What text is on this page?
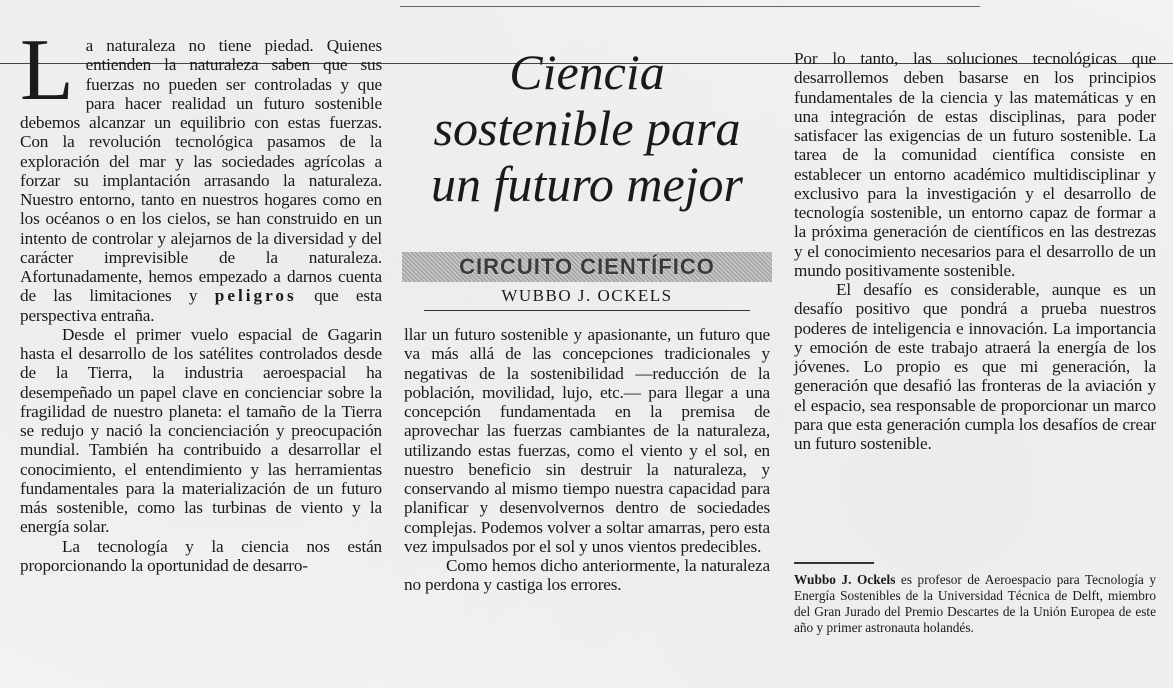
La naturaleza no tiene piedad. Quienes entienden la naturaleza saben que sus fuerzas no pueden ser controladas y que para hacer realidad un futuro sostenible debemos alcanzar un equilibrio con estas fuerzas. Con la revolución tecnológica pasamos de la exploración del mar y las sociedades agrícolas a forzar su implantación arrasando la naturaleza. Nuestro entorno, tanto en nuestros hogares como en los océanos o en los cielos, se han construido en un intento de controlar y alejarnos de la diversidad y del carácter imprevisible de la naturaleza. Afortunadamente, hemos empezado a darnos cuenta de las limitaciones y peligros que esta perspectiva entraña.

Desde el primer vuelo espacial de Gagarin hasta el desarrollo de los satélites controlados desde de la Tierra, la industria aeroespacial ha desempeñado un papel clave en concienciar sobre la fragilidad de nuestro planeta: el tamaño de la Tierra se redujo y nació la concienciación y preocupación mundial. También ha contribuido a desarrollar el conocimiento, el entendimiento y las herramientas fundamentales para la materialización de un futuro más sostenible, como las turbinas de viento y la energía solar.

La tecnología y la ciencia nos están proporcionando la oportunidad de desarro-

Ciencia
sostenible para
un futuro mejor
CIRCUITO CIENTÍFICO
WUBBO J. OCKELS

llar un futuro sostenible y apasionante, un futuro que va más allá de las concepciones tradicionales y negativas de la sostenibilidad —reducción de la población, movilidad, lujo, etc.— para llegar a una concepción fundamentada en la premisa de aprovechar las fuerzas cambiantes de la naturaleza, utilizando estas fuerzas, como el viento y el sol, en nuestro beneficio sin destruir la naturaleza, y conservando al mismo tiempo nuestra capacidad para planificar y desenvolvernos dentro de sociedades complejas. Podemos volver a soltar amarras, pero esta vez impulsados por el sol y unos vientos predecibles.

Como hemos dicho anteriormente, la naturaleza no perdona y castiga los errores.

Por lo tanto, las soluciones tecnológicas que desarrollemos deben basarse en los principios fundamentales de la ciencia y las matemáticas y en una integración de estas disciplinas, para poder satisfacer las exigencias de un futuro sostenible. La tarea de la comunidad científica consiste en establecer un entorno académico multidisciplinar y exclusivo para la investigación y el desarrollo de tecnología sostenible, un entorno capaz de formar a la próxima generación de científicos en las destrezas y el conocimiento necesarios para el desarrollo de un mundo positivamente sostenible.

El desafío es considerable, aunque es un desafío positivo que pondrá a prueba nuestros poderes de inteligencia e innovación. La importancia y emoción de este trabajo atraerá la energía de los jóvenes. Lo propio es que mi generación, la generación que desafió las fronteras de la aviación y el espacio, sea responsable de proporcionar un marco para que esta generación cumpla los desafíos de crear un futuro sostenible.

Wubbo J. Ockels es profesor de Aeroespacio para Tecnología y Energía Sostenibles de la Universidad Técnica de Delft, miembro del Gran Jurado del Premio Descartes de la Unión Europea de este año y primer astronauta holandés.
